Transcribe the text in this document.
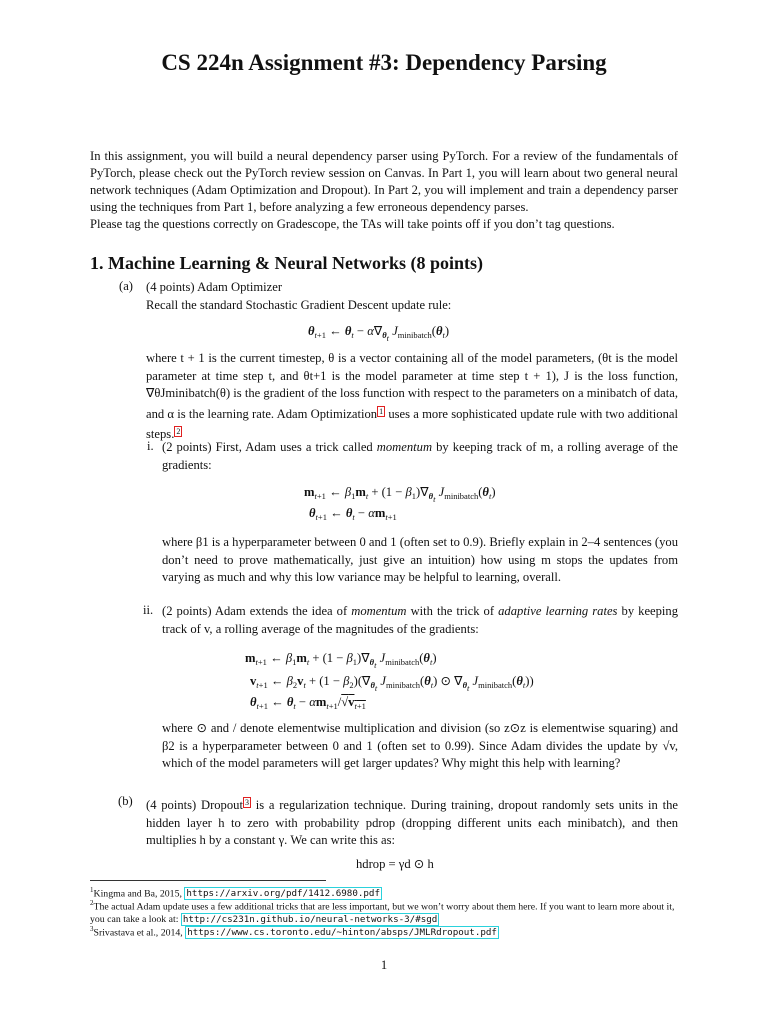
CS 224n Assignment #3: Dependency Parsing

In this assignment, you will build a neural dependency parser using PyTorch. For a review of the fundamentals of PyTorch, please check out the PyTorch review session on Canvas. In Part 1, you will learn about two general neural network techniques (Adam Optimization and Dropout). In Part 2, you will implement and train a dependency parser using the techniques from Part 1, before analyzing a few erroneous dependency parses.

Please tag the questions correctly on Gradescope, the TAs will take points off if you don’t tag questions.

1. Machine Learning & Neural Networks (8 points)
(a) (4 points) Adam Optimizer

Recall the standard Stochastic Gradient Descent update rule:

$\theta_{t+1}$ ← $\theta_t - \alpha\nabla_{\theta_t}$ $J_{minibatch}(\theta_t)$

where t + 1 is the current timestep, θ is a vector containing all of the model parameters, (θt is the model parameter at time step t, and θt+1 is the model parameter at time step t + 1), J is the loss function, ∇θJminibatch(θ) is the gradient of the loss function with respect to the parameters on a minibatch of data, and α is the learning rate. Adam Optimization $^1$ uses a more sophisticated update rule with two additional steps. $^2$

i. (2 points) First, Adam uses a trick called momentum by keeping track of m, a rolling average of the gradients:

$m_{t+1}$ ← $\beta_1m_t + (1 - \beta_1)\nabla_{\theta_t}$ $J_{minibatch}(\theta_t)$
$\theta_{t+1}$ ← $\theta_t - \alpha m_{t+1}$
where β1 is a hyperparameter between 0 and 1 (often set to 0.9). Briefly explain in 2–4 sentences (you don’t need to prove mathematically, just give an intuition) how using m stops the updates from varying as much and why this low variance may be helpful to learning, overall.
ii. (2 points) Adam extends the idea of momentum with the trick of adaptive learning rates by keeping track of v, a rolling average of the magnitudes of the gradients:

$m_{t+1}$ ← $\beta_1m_t + (1 - \beta_1)\nabla_{\theta_t}$ $J_{minibatch}(\theta_t)$
$v_{t+1}$ ← $\beta_2v_t + (1 - \beta_2)(\nabla_{\theta_t}$ $J_{minibatch}(\theta_t)$ ⊙ $\nabla_{\theta_t}$ $J_{minibatch}(\theta_t)$)
$\theta_{t+1}$ ← $\theta_t - \alpha m_{t+1}/√v_{t+1}$
where ⊙ and / denote elementwise multiplication and division (so z⊙z is elementwise squaring) and β2 is a hyperparameter between 0 and 1 (often set to 0.99). Since Adam divides the update by √v, which of the model parameters will get larger updates? Why might this help with learning?
(b) (4 points) Dropout $^3$ is a regularization technique. During training, dropout randomly sets units in the hidden layer h to zero with probability pdrop (dropping different units each minibatch), and then multiplies h by a constant γ. We can write this as:

hdrop = γd ⊙ h
$^1$Kingma and Ba, 2015, https://arxiv.org/pdf/1412.6980.pdf
$^2$The actual Adam update uses a few additional tricks that are less important, but we won’t worry about them here. If you want to learn more about it, you can take a look at: http://cs231n.github.io/neural-networks-3/#sgd
$^3$Srivastava et al., 2014, https://www.cs.toronto.edu/~hinton/absps/JMLRdropout.pdf
1
